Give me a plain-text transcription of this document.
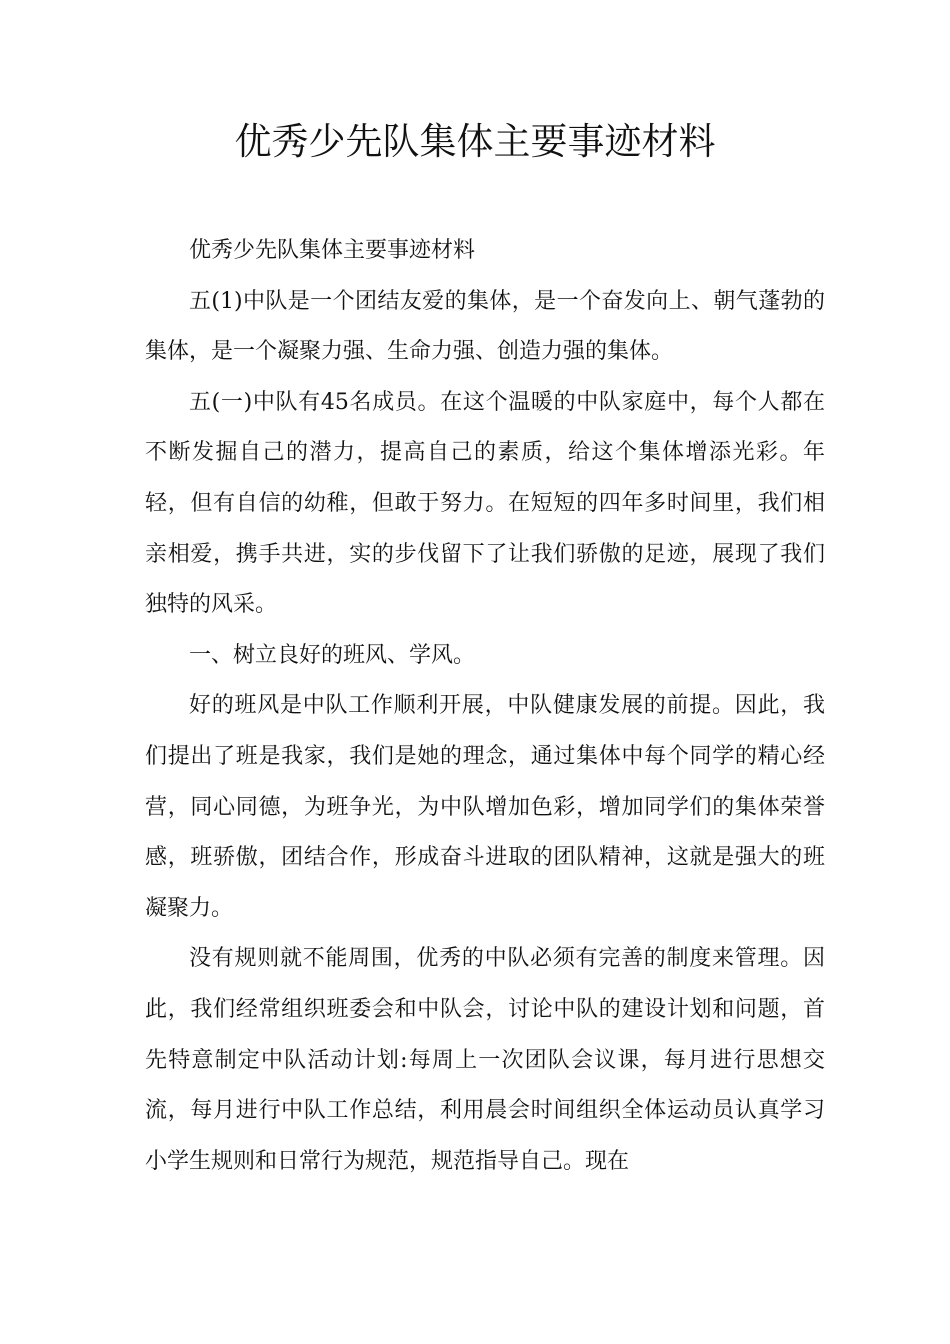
优秀少先队集体主要事迹材料

优秀少先队集体主要事迹材料

五(1)中队是一个团结友爱的集体，是一个奋发向上、朝气蓬勃的集体，是一个凝聚力强、生命力强、创造力强的集体。

五(一)中队有45名成员。在这个温暖的中队家庭中，每个人都在不断发掘自己的潜力，提高自己的素质，给这个集体增添光彩。年轻，但有自信的幼稚，但敢于努力。在短短的四年多时间里，我们相亲相爱，携手共进，实的步伐留下了让我们骄傲的足迹，展现了我们独特的风采。

一、树立良好的班风、学风。

好的班风是中队工作顺利开展，中队健康发展的前提。因此，我们提出了班是我家，我们是她的理念，通过集体中每个同学的精心经营，同心同德，为班争光，为中队增加色彩，增加同学们的集体荣誉感，班骄傲，团结合作，形成奋斗进取的团队精神，这就是强大的班凝聚力。

没有规则就不能周围，优秀的中队必须有完善的制度来管理。因此，我们经常组织班委会和中队会，讨论中队的建设计划和问题，首先特意制定中队活动计划:每周上一次团队会议课，每月进行思想交流，每月进行中队工作总结，利用晨会时间组织全体运动员认真学习小学生规则和日常行为规范，规范指导自己。现在
